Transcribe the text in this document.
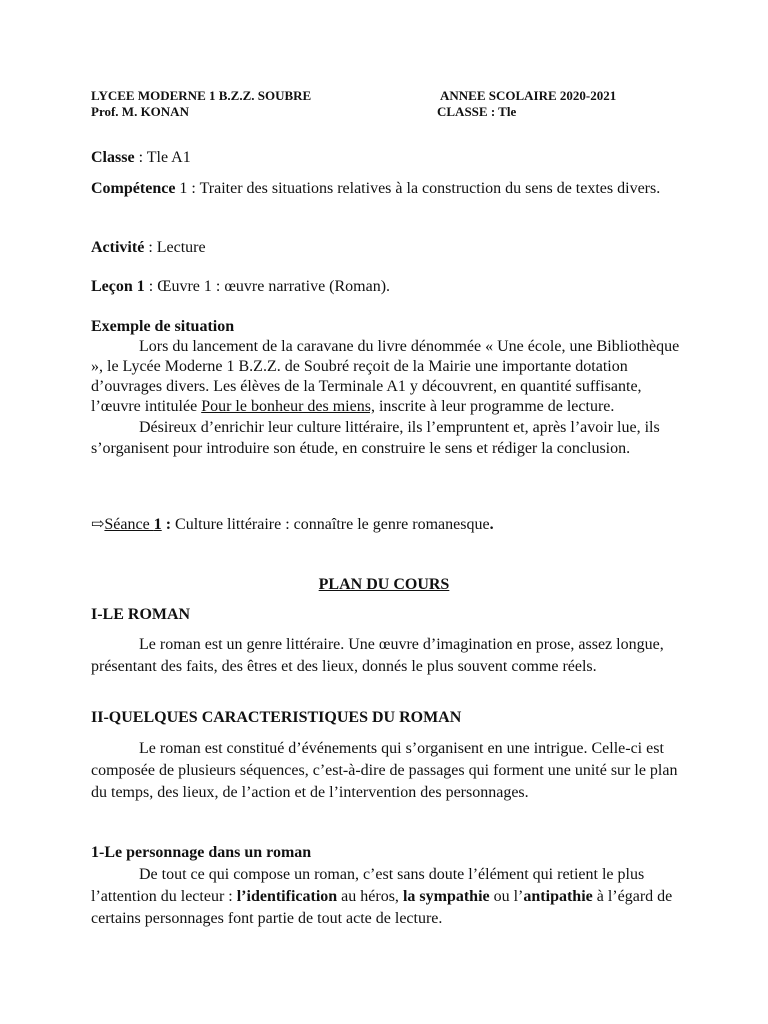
LYCEE MODERNE 1 B.Z.Z. SOUBRE
Prof. M. KONAN
ANNEE SCOLAIRE 2020-2021
CLASSE : Tle

Classe : Tle A1

Compétence 1 : Traiter des situations relatives à la construction du sens de textes divers.

Activité : Lecture

Leçon 1 : Œuvre 1 : œuvre narrative (Roman).

Exemple de situation

Lors du lancement de la caravane du livre dénommée « Une école, une Bibliothèque », le Lycée Moderne 1 B.Z.Z. de Soubré reçoit de la Mairie une importante dotation d’ouvrages divers. Les élèves de la Terminale A1 y découvrent, en quantité suffisante, l’œuvre intitulée Pour le bonheur des miens, inscrite à leur programme de lecture.

Désireux d’enrichir leur culture littéraire, ils l’empruntent et, après l’avoir lue, ils s’organisent pour introduire son étude, en construire le sens et rédiger la conclusion.

⇨Séance 1 : Culture littéraire : connaître le genre romanesque.

PLAN DU COURS
I-LE ROMAN

Le roman est un genre littéraire. Une œuvre d’imagination en prose, assez longue, présentant des faits, des êtres et des lieux, donnés le plus souvent comme réels.

II-QUELQUES CARACTERISTIQUES DU ROMAN

Le roman est constitué d’événements qui s’organisent en une intrigue. Celle-ci est composée de plusieurs séquences, c’est-à-dire de passages qui forment une unité sur le plan du temps, des lieux, de l’action et de l’intervention des personnages.

1-Le personnage dans un roman

De tout ce qui compose un roman, c’est sans doute l’élément qui retient le plus l’attention du lecteur : l’identification au héros, la sympathie ou l’antipathie à l’égard de certains personnages font partie de tout acte de lecture.
